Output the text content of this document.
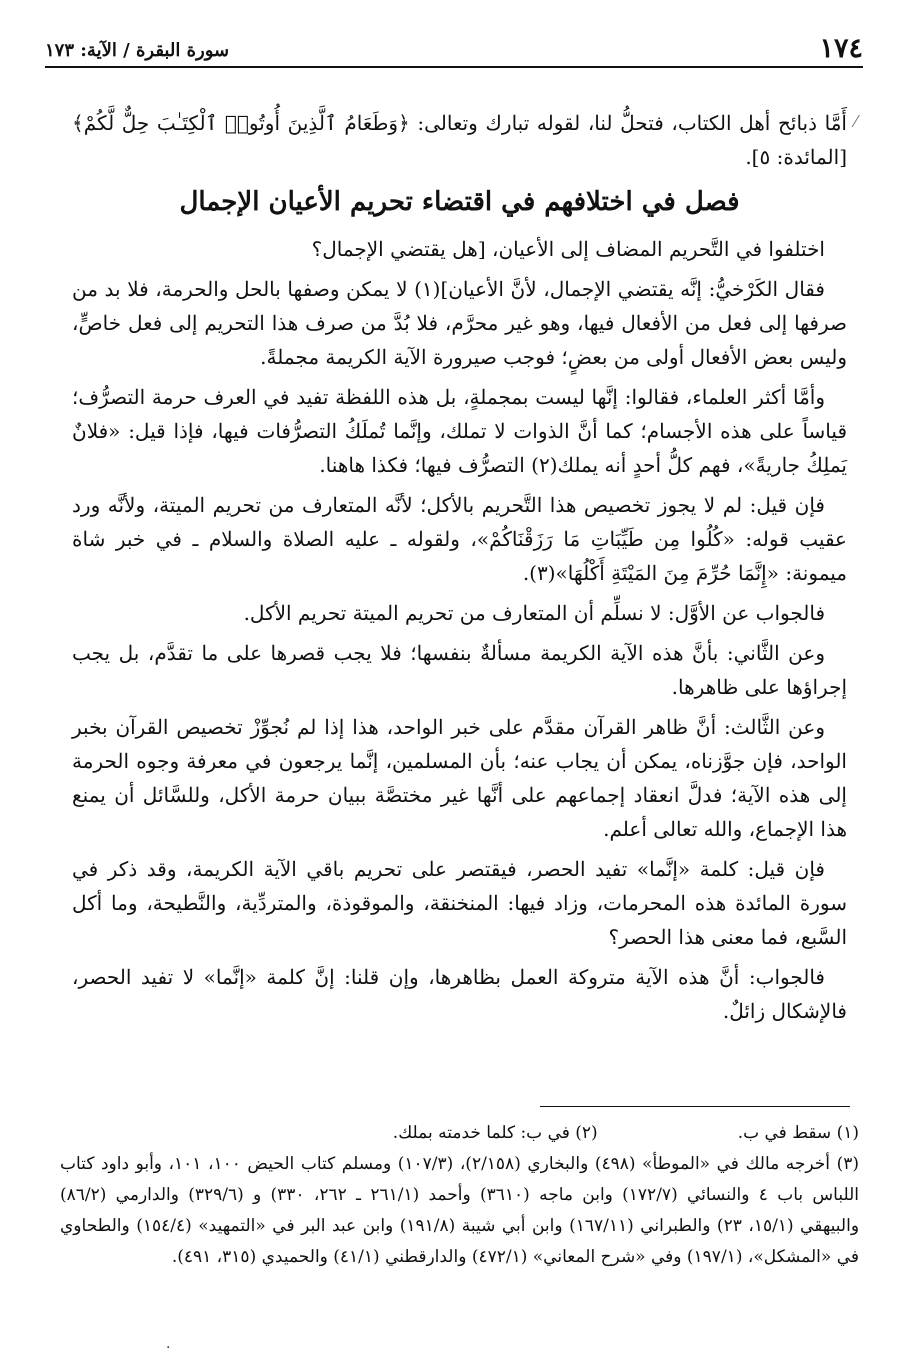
١٧٤
سورة البقرة / الآية: ١٧٣
⁄

أَمَّا ذبائح أهل الكتاب، فتحلُّ لنا، لقوله تبارك وتعالى: ﴿وَطَعَامُ ٱلَّذِينَ أُوتُوا۟ ٱلْكِتَـٰبَ حِلٌّ لَّكُمْ﴾ [المائدة: ٥].

فصل في اختلافهم في اقتضاء تحريم الأعيان الإجمال

اختلفوا في التَّحريم المضاف إلى الأعيان، [هل يقتضي الإجمال؟

فقال الكَرْخيُّ: إنَّه يقتضي الإجمال، لأنَّ الأعيان](١) لا يمكن وصفها بالحل والحرمة، فلا بد من صرفها إلى فعل من الأفعال فيها، وهو غير محرَّم، فلا بُدَّ من صرف هذا التحريم إلى فعل خاصٍّ، وليس بعض الأفعال أولى من بعضٍ؛ فوجب صيرورة الآية الكريمة مجملةً.

وأمَّا أكثر العلماء، فقالوا: إنَّها ليست بمجملةٍ، بل هذه اللفظة تفيد في العرف حرمة التصرُّف؛ قياساً على هذه الأجسام؛ كما أنَّ الذوات لا تملك، وإنَّما تُملَكُ التصرُّفات فيها، فإذا قيل: «فلانٌ يَملِكُ جاريةً»، فهم كلُّ أحدٍ أنه يملك(٢) التصرُّف فيها؛ فكذا هاهنا.

فإن قيل: لم لا يجوز تخصيص هذا التَّحريم بالأكل؛ لأنَّه المتعارف من تحريم الميتة، ولأنَّه ورد عقيب قوله: «كُلُوا مِن طَيِّبَاتِ مَا رَزَقْنَاكُمْ»، ولقوله ـ عليه الصلاة والسلام ـ في خبر شاة ميمونة: «إِنَّمَا حُرِّمَ مِنَ المَيْتَةِ أَكْلُهَا»(٣).

فالجواب عن الأوَّل: لا نسلِّم أن المتعارف من تحريم الميتة تحريم الأكل.

وعن الثَّاني: بأنَّ هذه الآية الكريمة مسألةٌ بنفسها؛ فلا يجب قصرها على ما تقدَّم، بل يجب إجراؤها على ظاهرها.

وعن الثَّالث: أنَّ ظاهر القرآن مقدَّم على خبر الواحد، هذا إذا لم نُجوِّزْ تخصيص القرآن بخبر الواحد، فإن جوَّزناه، يمكن أن يجاب عنه؛ بأن المسلمين، إنَّما يرجعون في معرفة وجوه الحرمة إلى هذه الآية؛ فدلَّ انعقاد إجماعهم على أنَّها غير مختصَّة ببيان حرمة الأكل، وللسَّائل أن يمنع هذا الإجماع، والله تعالى أعلم.

فإن قيل: كلمة «إنَّما» تفيد الحصر، فيقتصر على تحريم باقي الآية الكريمة، وقد ذكر في سورة المائدة هذه المحرمات، وزاد فيها: المنخنقة، والموقوذة، والمتردِّية، والنَّطيحة، وما أكل السَّبع، فما معنى هذا الحصر؟

فالجواب: أنَّ هذه الآية متروكة العمل بظاهرها، وإن قلنا: إنَّ كلمة «إنَّما» لا تفيد الحصر، فالإشكال زائلٌ.

(١) سقط في ب.

(٢) في ب: كلما خدمته بملك.

(٣) أخرجه مالك في «الموطأ» (٤٩٨) والبخاري (٢/١٥٨)، (١٠٧/٣) ومسلم كتاب الحيض ١٠٠، ١٠١، وأبو داود كتاب اللباس باب ٤ والنسائي (١٧٢/٧) وابن ماجه (٣٦١٠) وأحمد (٢٦١/١ ـ ٢٦٢، ٣٣٠) و (٣٢٩/٦) والدارمي (٨٦/٢) والبيهقي (١٥/١، ٢٣) والطبراني (١٦٧/١١) وابن أبي شيبة (١٩١/٨) وابن عبد البر في «التمهيد» (١٥٤/٤) والطحاوي في «المشكل»، (١٩٧/١) وفي «شرح المعاني» (٤٧٢/١) والدارقطني (٤١/١) والحميدي (٣١٥، ٤٩١).

.
